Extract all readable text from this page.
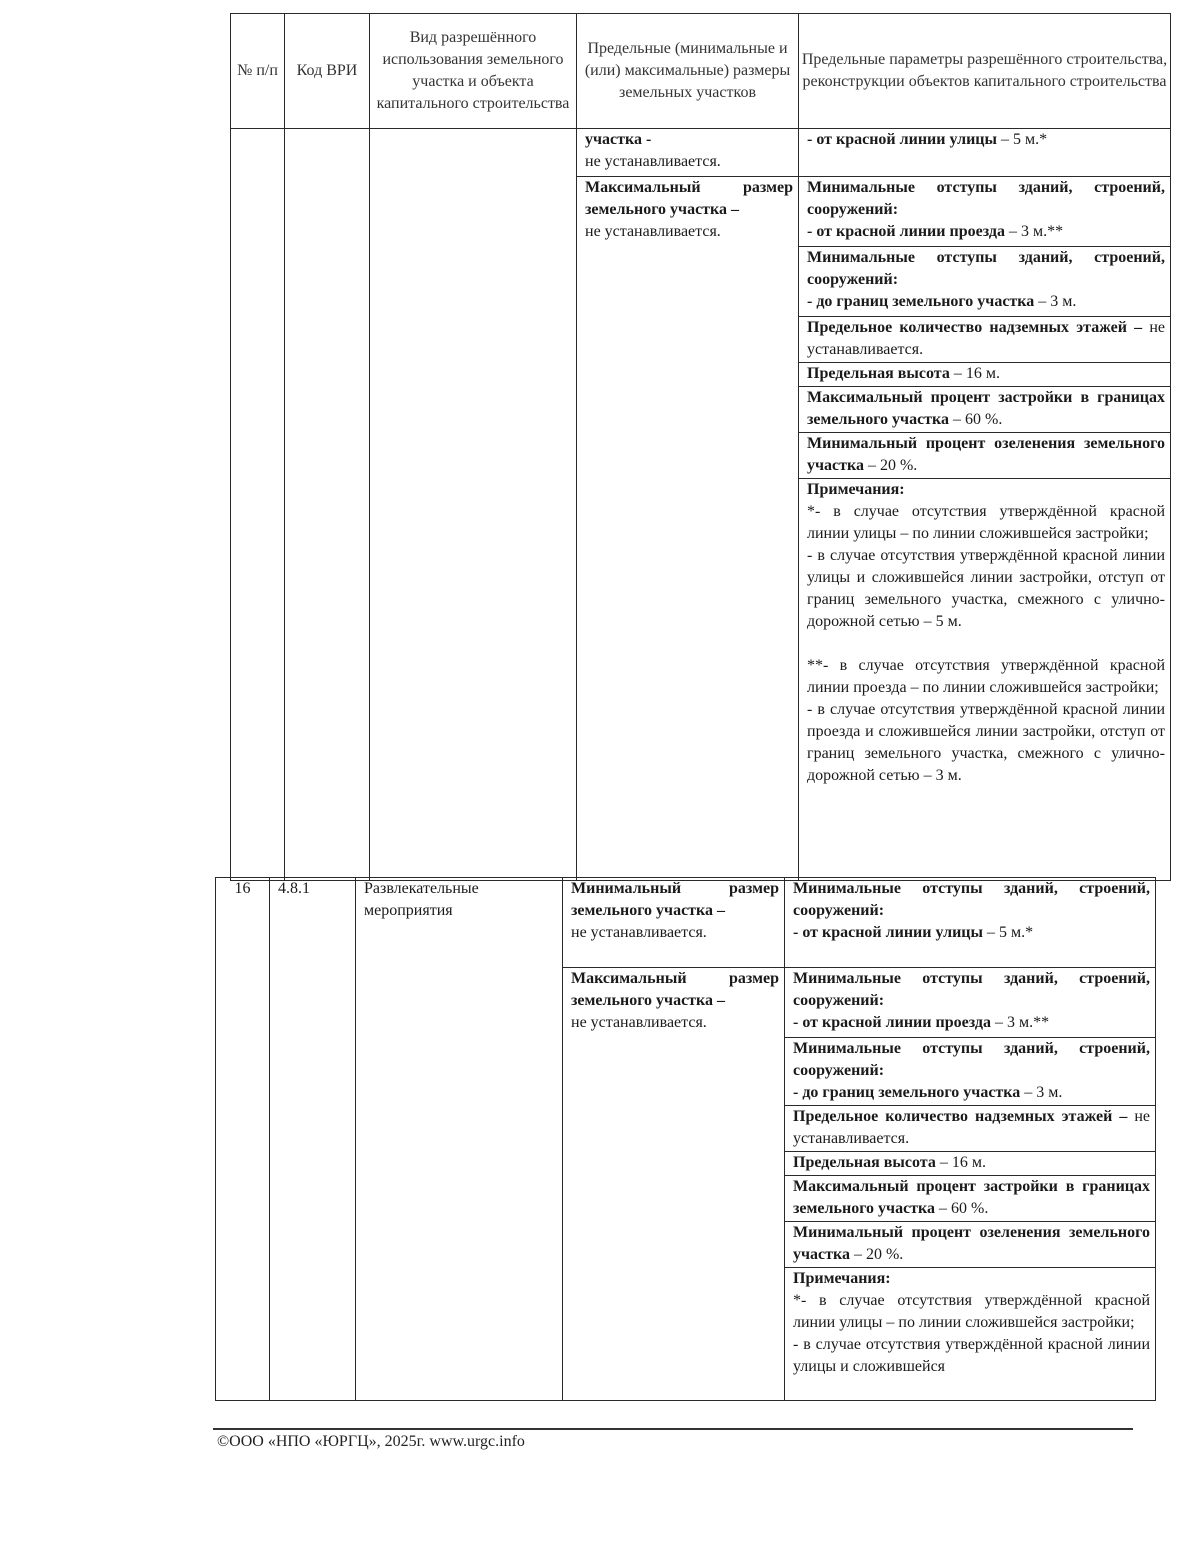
№ п/п	Код ВРИ	Вид разрешённого использования земельного участка и объекта капитального строительства	Предельные (минимальные и (или) максимальные) размеры земельных участков	Предельные параметры разрешённого строительства, реконструкции объектов капитального строительства

			участка -
не устанавливается.	- от красной линии улицы – 5 м.*

			Максимальный размер земельного участка –
не устанавливается.	Минимальные отступы зданий, строений, сооружений:
- от красной линии проезда – 3 м.**

				Минимальные отступы зданий, строений, сооружений:
- до границ земельного участка – 3 м.

				Предельное количество надземных этажей – не устанавливается.

				Предельная высота – 16 м.

				Максимальный процент застройки в границах земельного участка – 60 %.

				Минимальный процент озеленения земельного участка – 20 %.

				Примечания:
*- в случае отсутствия утверждённой красной линии улицы – по линии сложившейся застройки;
- в случае отсутствия утверждённой красной линии улицы и сложившейся линии застройки, отступ от границ земельного участка, смежного с улично-дорожной сетью – 5 м.
**- в случае отсутствия утверждённой красной линии проезда – по линии сложившейся застройки;
- в случае отсутствия утверждённой красной линии проезда и сложившейся линии застройки, отступ от границ земельного участка, смежного с улично-дорожной сетью – 3 м.
16	4.8.1	Развлекательные мероприятия	Минимальный размер земельного участка –
не устанавливается.	Минимальные отступы зданий, строений, сооружений:
- от красной линии улицы – 5 м.*

			Максимальный размер земельного участка –
не устанавливается.	Минимальные отступы зданий, строений, сооружений:
- от красной линии проезда – 3 м.**

				Минимальные отступы зданий, строений, сооружений:
- до границ земельного участка – 3 м.

				Предельное количество надземных этажей – не устанавливается.

				Предельная высота – 16 м.

				Максимальный процент застройки в границах земельного участка – 60 %.

				Минимальный процент озеленения земельного участка – 20 %.

				Примечания:
*- в случае отсутствия утверждённой красной линии улицы – по линии сложившейся застройки;
- в случае отсутствия утверждённой красной линии улицы и сложившейся
©ООО «НПО «ЮРГЦ», 2025г. www.urgc.info
